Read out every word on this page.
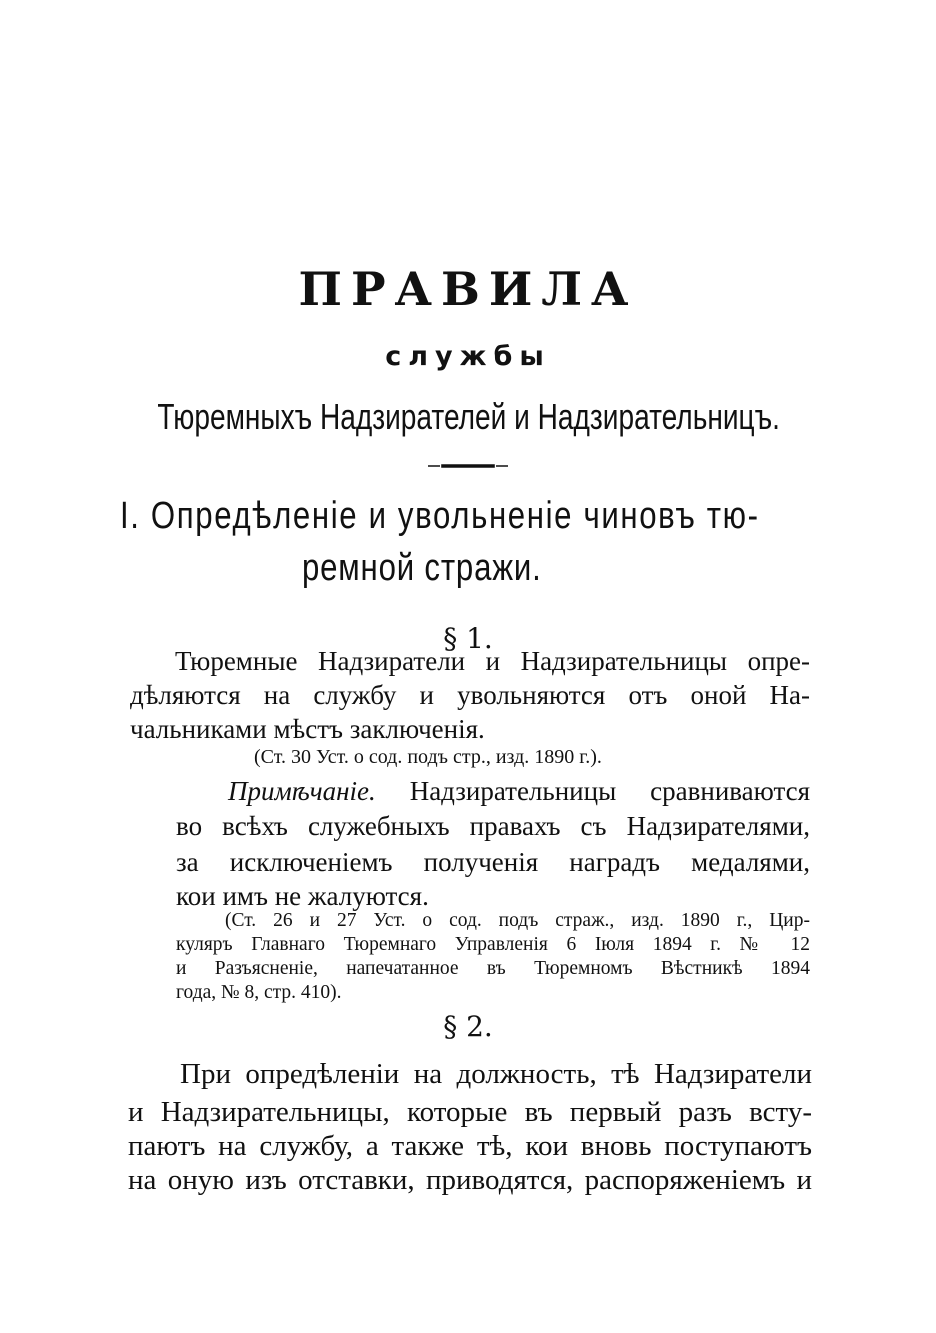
ПРАВИЛА
службы
Тюремныхъ Надзирателей и Надзирательницъ.
I. Опредѣленіе и увольненіе чиновъ тю-
ремной стражи.
§ 1.
Тюремные Надзиратели и Надзирательницы опре-
дѣляются на службу и увольняются отъ оной На-
чальниками мѣстъ заключенія.
(Ст. 30 Уст. о сод. подъ стр., изд. 1890 г.).
Примѣчаніе. Надзирательницы сравниваются
во всѣхъ служебныхъ правахъ съ Надзирателями,
за исключеніемъ полученія наградъ медалями,
кои имъ не жалуются.
(Ст. 26 и 27 Уст. о сод. подъ страж., изд. 1890 г., Цир-
куляръ Главнаго Тюремнаго Управленія 6 Іюля 1894 г. № 12
и Разъясненіе, напечатанное въ Тюремномъ Вѣстникѣ 1894
года, № 8, стр. 410).
§ 2.
При опредѣленіи на должность, тѣ Надзиратели
и Надзирательницы, которые въ первый разъ всту-
паютъ на службу, а также тѣ, кои вновь поступаютъ
на оную изъ отставки, приводятся, распоряженіемъ и
